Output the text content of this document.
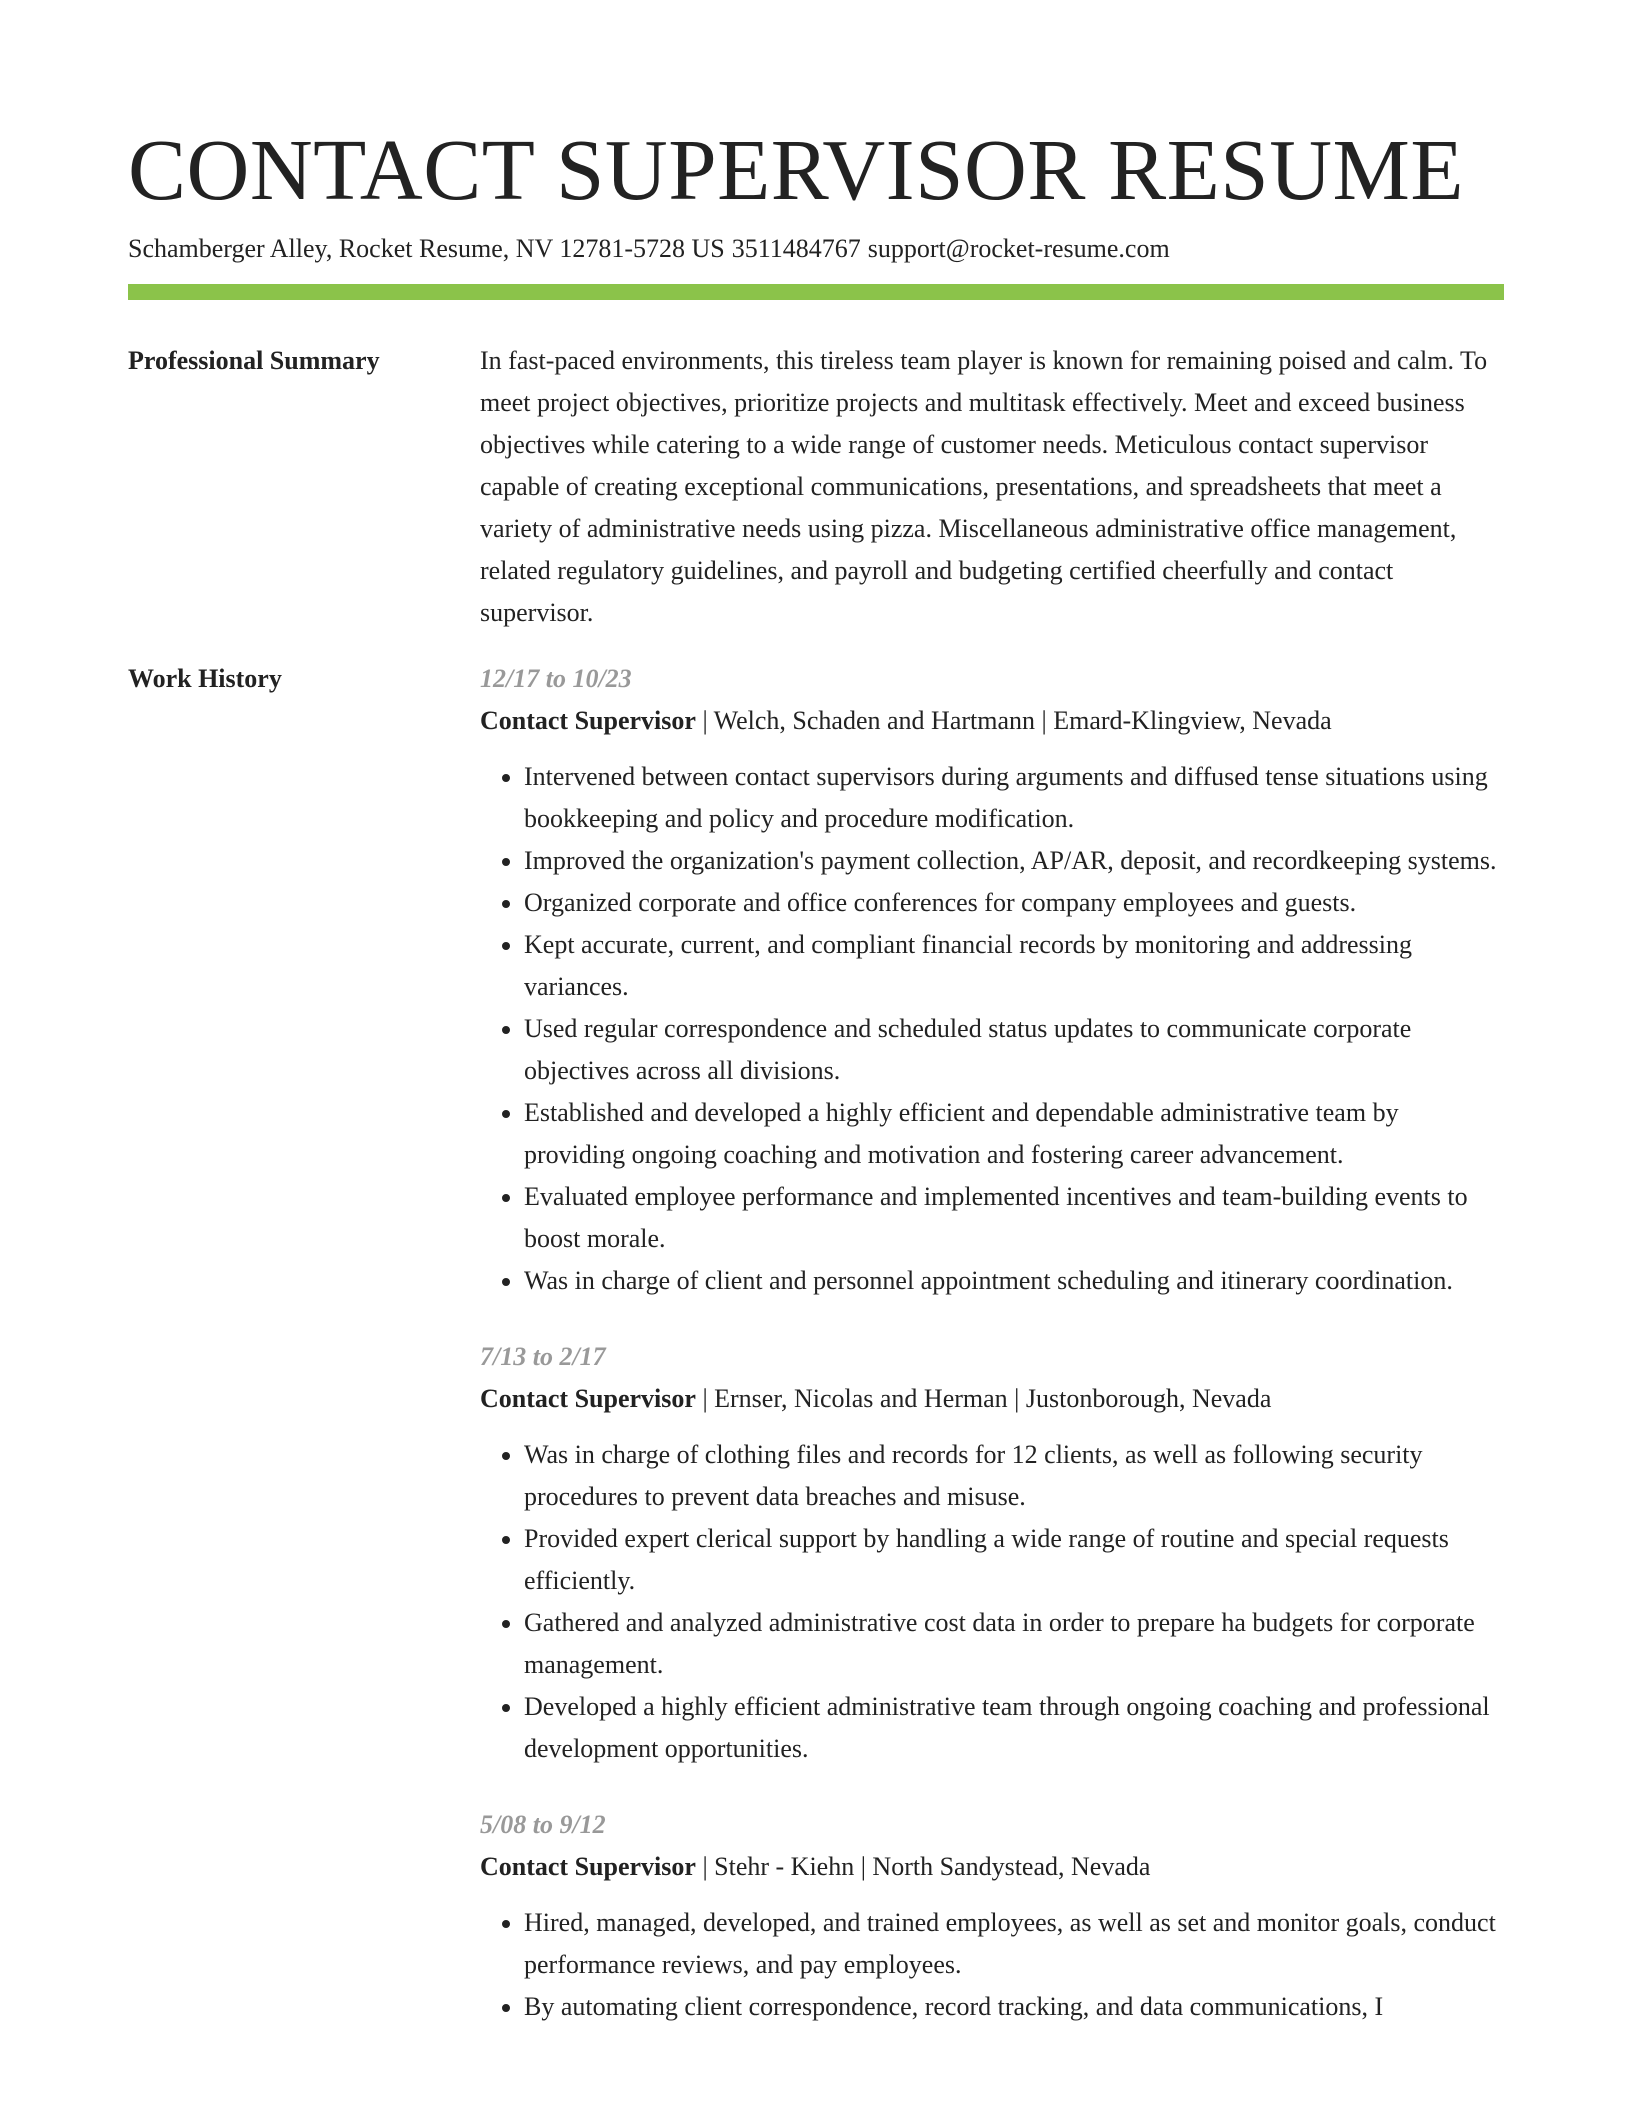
CONTACT SUPERVISOR RESUME
Schamberger Alley, Rocket Resume, NV 12781-5728 US 3511484767 support@rocket-resume.com
Professional Summary	In fast-paced environments, this tireless team player is known for remaining poised and calm. To meet project objectives, prioritize projects and multitask effectively. Meet and exceed business objectives while catering to a wide range of customer needs. Meticulous contact supervisor capable of creating exceptional communications, presentations, and spreadsheets that meet a variety of administrative needs using pizza. Miscellaneous administrative office management, related regulatory guidelines, and payroll and budgeting certified cheerfully and contact supervisor.

Work History	12/17 to 10/23
Contact Supervisor | Welch, Schaden and Hartmann | Emard-Klingview, Nevada
• Intervened between contact supervisors during arguments and diffused tense situations using bookkeeping and policy and procedure modification.
• Improved the organization's payment collection, AP/AR, deposit, and recordkeeping systems.
• Organized corporate and office conferences for company employees and guests.
• Kept accurate, current, and compliant financial records by monitoring and addressing variances.
• Used regular correspondence and scheduled status updates to communicate corporate objectives across all divisions.
• Established and developed a highly efficient and dependable administrative team by providing ongoing coaching and motivation and fostering career advancement.
• Evaluated employee performance and implemented incentives and team-building events to boost morale.
• Was in charge of client and personnel appointment scheduling and itinerary coordination.
7/13 to 2/17
Contact Supervisor | Ernser, Nicolas and Herman | Justonborough, Nevada
• Was in charge of clothing files and records for 12 clients, as well as following security procedures to prevent data breaches and misuse.
• Provided expert clerical support by handling a wide range of routine and special requests efficiently.
• Gathered and analyzed administrative cost data in order to prepare ha budgets for corporate management.
• Developed a highly efficient administrative team through ongoing coaching and professional development opportunities.
5/08 to 9/12
Contact Supervisor | Stehr - Kiehn | North Sandystead, Nevada
• Hired, managed, developed, and trained employees, as well as set and monitor goals, conduct performance reviews, and pay employees.
• By automating client correspondence, record tracking, and data communications, I
